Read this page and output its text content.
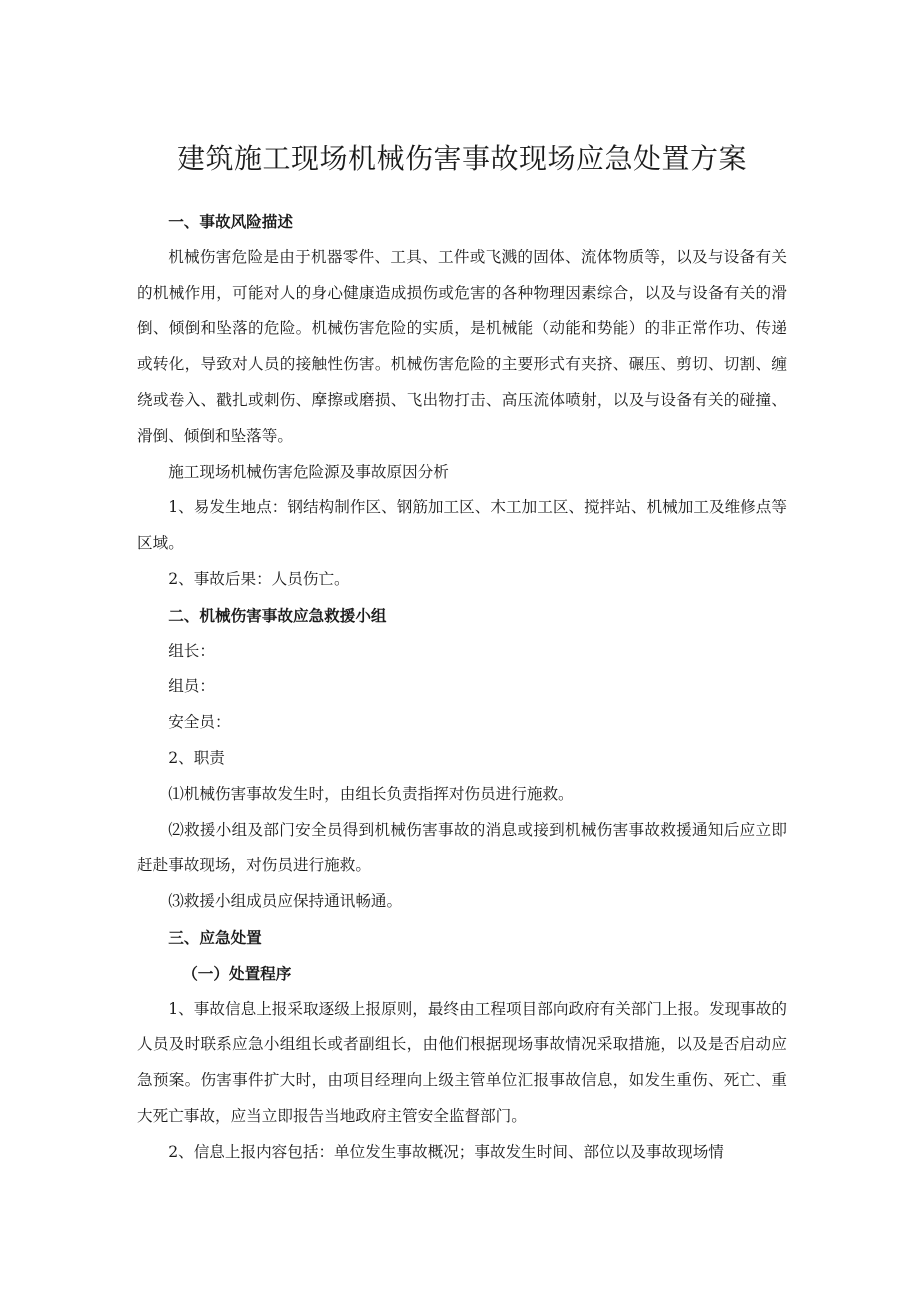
建筑施工现场机械伤害事故现场应急处置方案

一、事故风险描述

机械伤害危险是由于机器零件、工具、工件或飞溅的固体、流体物质等，以及与设备有关的机械作用，可能对人的身心健康造成损伤或危害的各种物理因素综合，以及与设备有关的滑倒、倾倒和坠落的危险。机械伤害危险的实质，是机械能（动能和势能）的非正常作功、传递或转化，导致对人员的接触性伤害。机械伤害危险的主要形式有夹挤、碾压、剪切、切割、缠绕或卷入、戳扎或刺伤、摩擦或磨损、飞出物打击、高压流体喷射，以及与设备有关的碰撞、滑倒、倾倒和坠落等。

施工现场机械伤害危险源及事故原因分析

1、易发生地点：钢结构制作区、钢筋加工区、木工加工区、搅拌站、机械加工及维修点等区域。

2、事故后果：人员伤亡。

二、机械伤害事故应急救援小组

组长：

组员：

安全员：

2、职责

⑴机械伤害事故发生时，由组长负责指挥对伤员进行施救。

⑵救援小组及部门安全员得到机械伤害事故的消息或接到机械伤害事故救援通知后应立即赶赴事故现场，对伤员进行施救。

⑶救援小组成员应保持通讯畅通。

三、应急处置

（一）处置程序

1、事故信息上报采取逐级上报原则，最终由工程项目部向政府有关部门上报。发现事故的人员及时联系应急小组组长或者副组长，由他们根据现场事故情况采取措施，以及是否启动应急预案。伤害事件扩大时，由项目经理向上级主管单位汇报事故信息，如发生重伤、死亡、重大死亡事故，应当立即报告当地政府主管安全监督部门。

2、信息上报内容包括：单位发生事故概况；事故发生时间、部位以及事故现场情
